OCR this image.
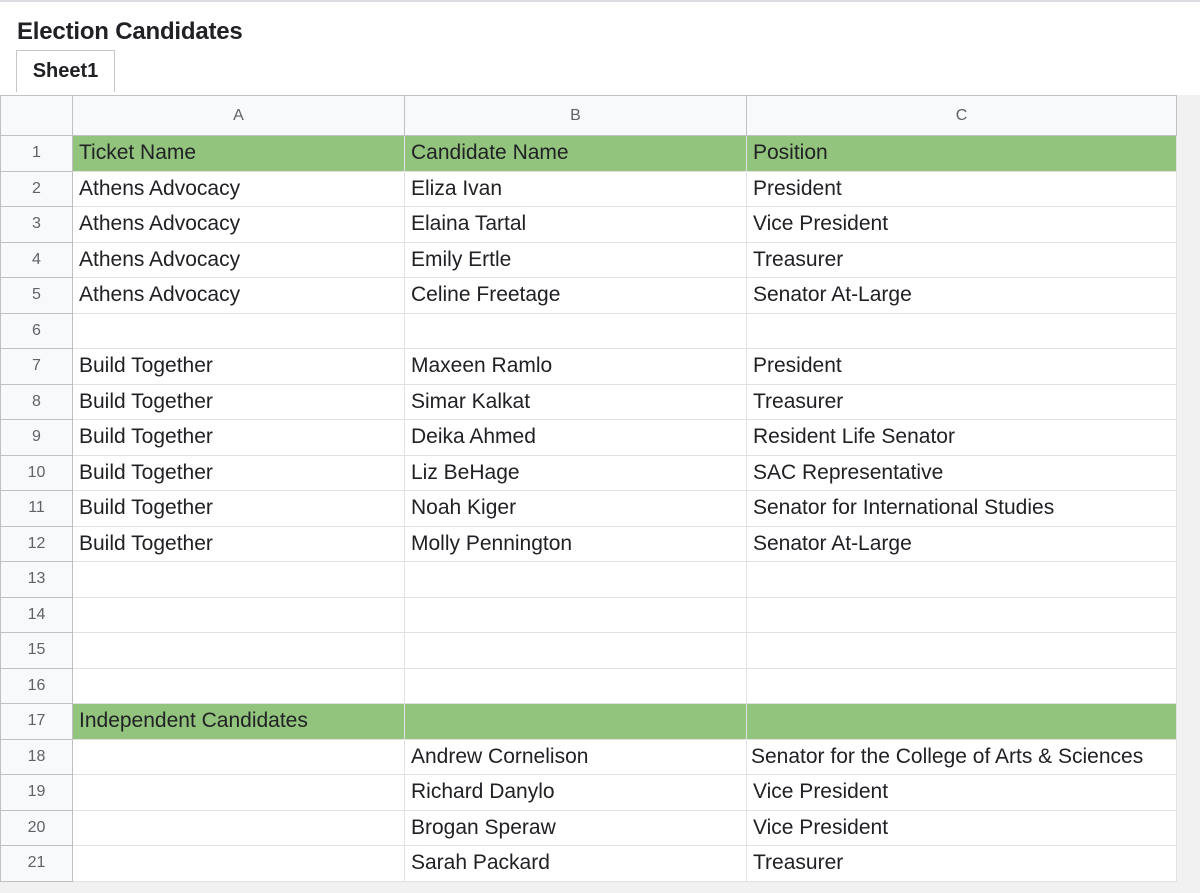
Election Candidates
Sheet1
	A	B	C
1	Ticket Name	Candidate Name	Position
2	Athens Advocacy	Eliza Ivan	President
3	Athens Advocacy	Elaina Tartal	Vice President
4	Athens Advocacy	Emily Ertle	Treasurer
5	Athens Advocacy	Celine Freetage	Senator At-Large
6			
7	Build Together	Maxeen Ramlo	President
8	Build Together	Simar Kalkat	Treasurer
9	Build Together	Deika Ahmed	Resident Life Senator
10	Build Together	Liz BeHage	SAC Representative
11	Build Together	Noah Kiger	Senator for International Studies
12	Build Together	Molly Pennington	Senator At-Large
13			
14			
15			
16			
17	Independent Candidates		
18		Andrew Cornelison	Senator for the College of Arts & Sciences
19		Richard Danylo	Vice President
20		Brogan Speraw	Vice President
21		Sarah Packard	Treasurer
